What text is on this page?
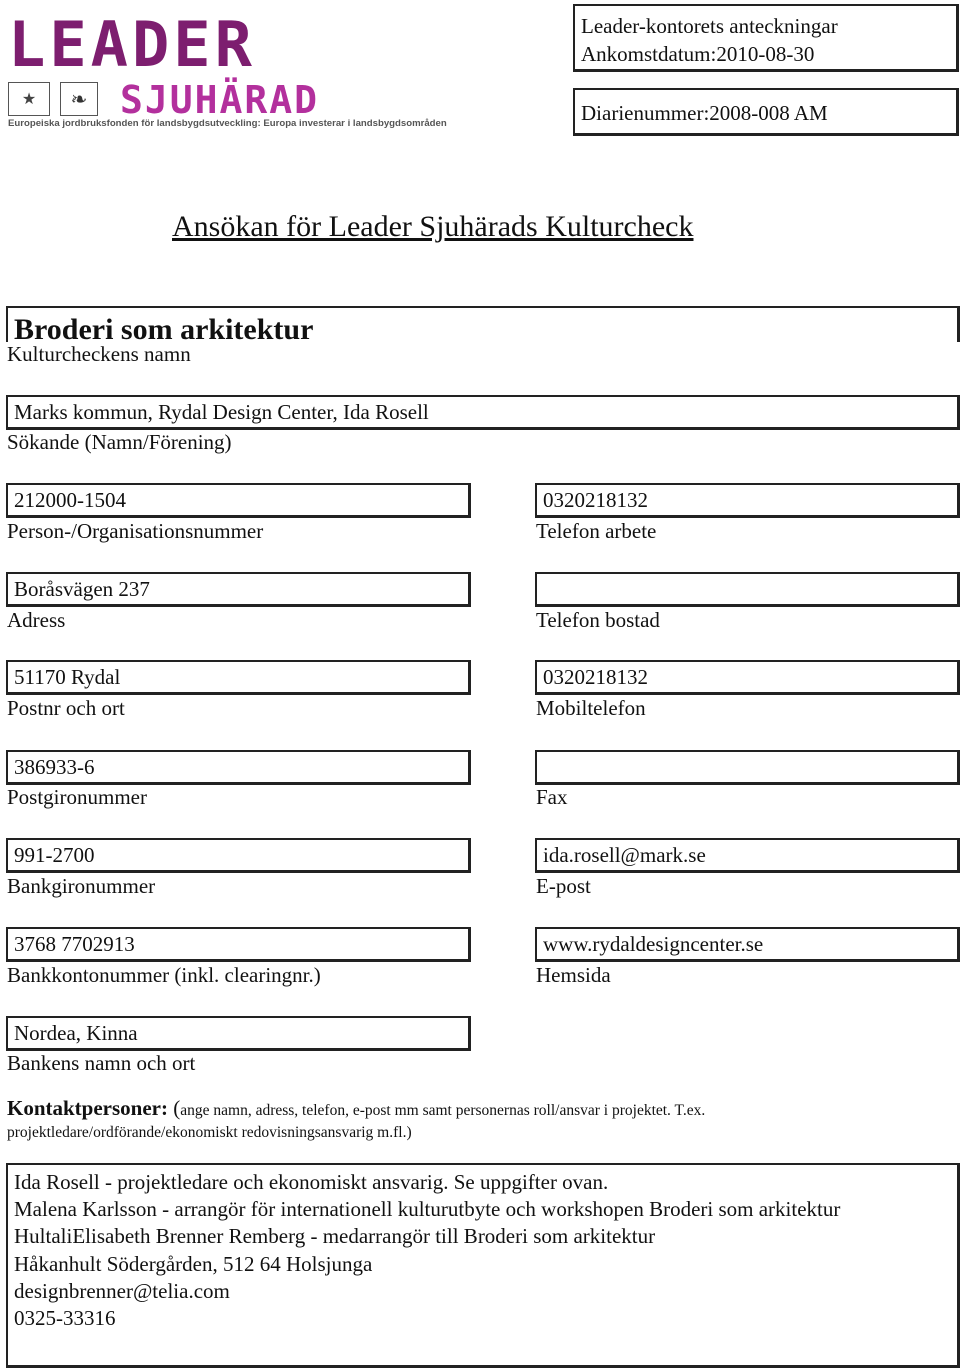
LEADER
★	❧ SJUHÄRAD
Europeiska jordbruksfonden för landsbygdsutveckling: Europa investerar i landsbygdsområden
Leader-kontorets anteckningar
Ankomstdatum:2010-08-30
Diarienummer:2008-008 AM
Ansökan för Leader Sjuhärads Kulturcheck
Broderi som arkitektur
Kulturcheckens namn
Marks kommun, Rydal Design Center, Ida Rosell
Sökande (Namn/Förening)
212000-1504
Person-/Organisationsnummer
Boråsvägen 237
Adress
51170 Rydal
Postnr och ort
386933-6
Postgironummer
991-2700
Bankgironummer
3768 7702913
Bankkontonummer (inkl. clearingnr.)
Nordea, Kinna
Bankens namn och ort
0320218132
Telefon arbete
Telefon bostad
0320218132
Mobiltelefon
Fax
ida.rosell@mark.se
E-post
www.rydaldesigncenter.se
Hemsida
Kontaktpersoner: (ange namn, adress, telefon, e-post mm samt personernas roll/ansvar i projektet. T.ex.
projektledare/ordförande/ekonomiskt redovisningsansvarig m.fl.)
Ida Rosell - projektledare och ekonomiskt ansvarig. Se uppgifter ovan.
Malena Karlsson - arrangör för internationell kulturutbyte och workshopen Broderi som arkitektur
HultaliElisabeth Brenner Remberg - medarrangör till Broderi som arkitektur
Håkanhult Södergården, 512 64 Holsjunga
designbrenner@telia.com
0325-33316
